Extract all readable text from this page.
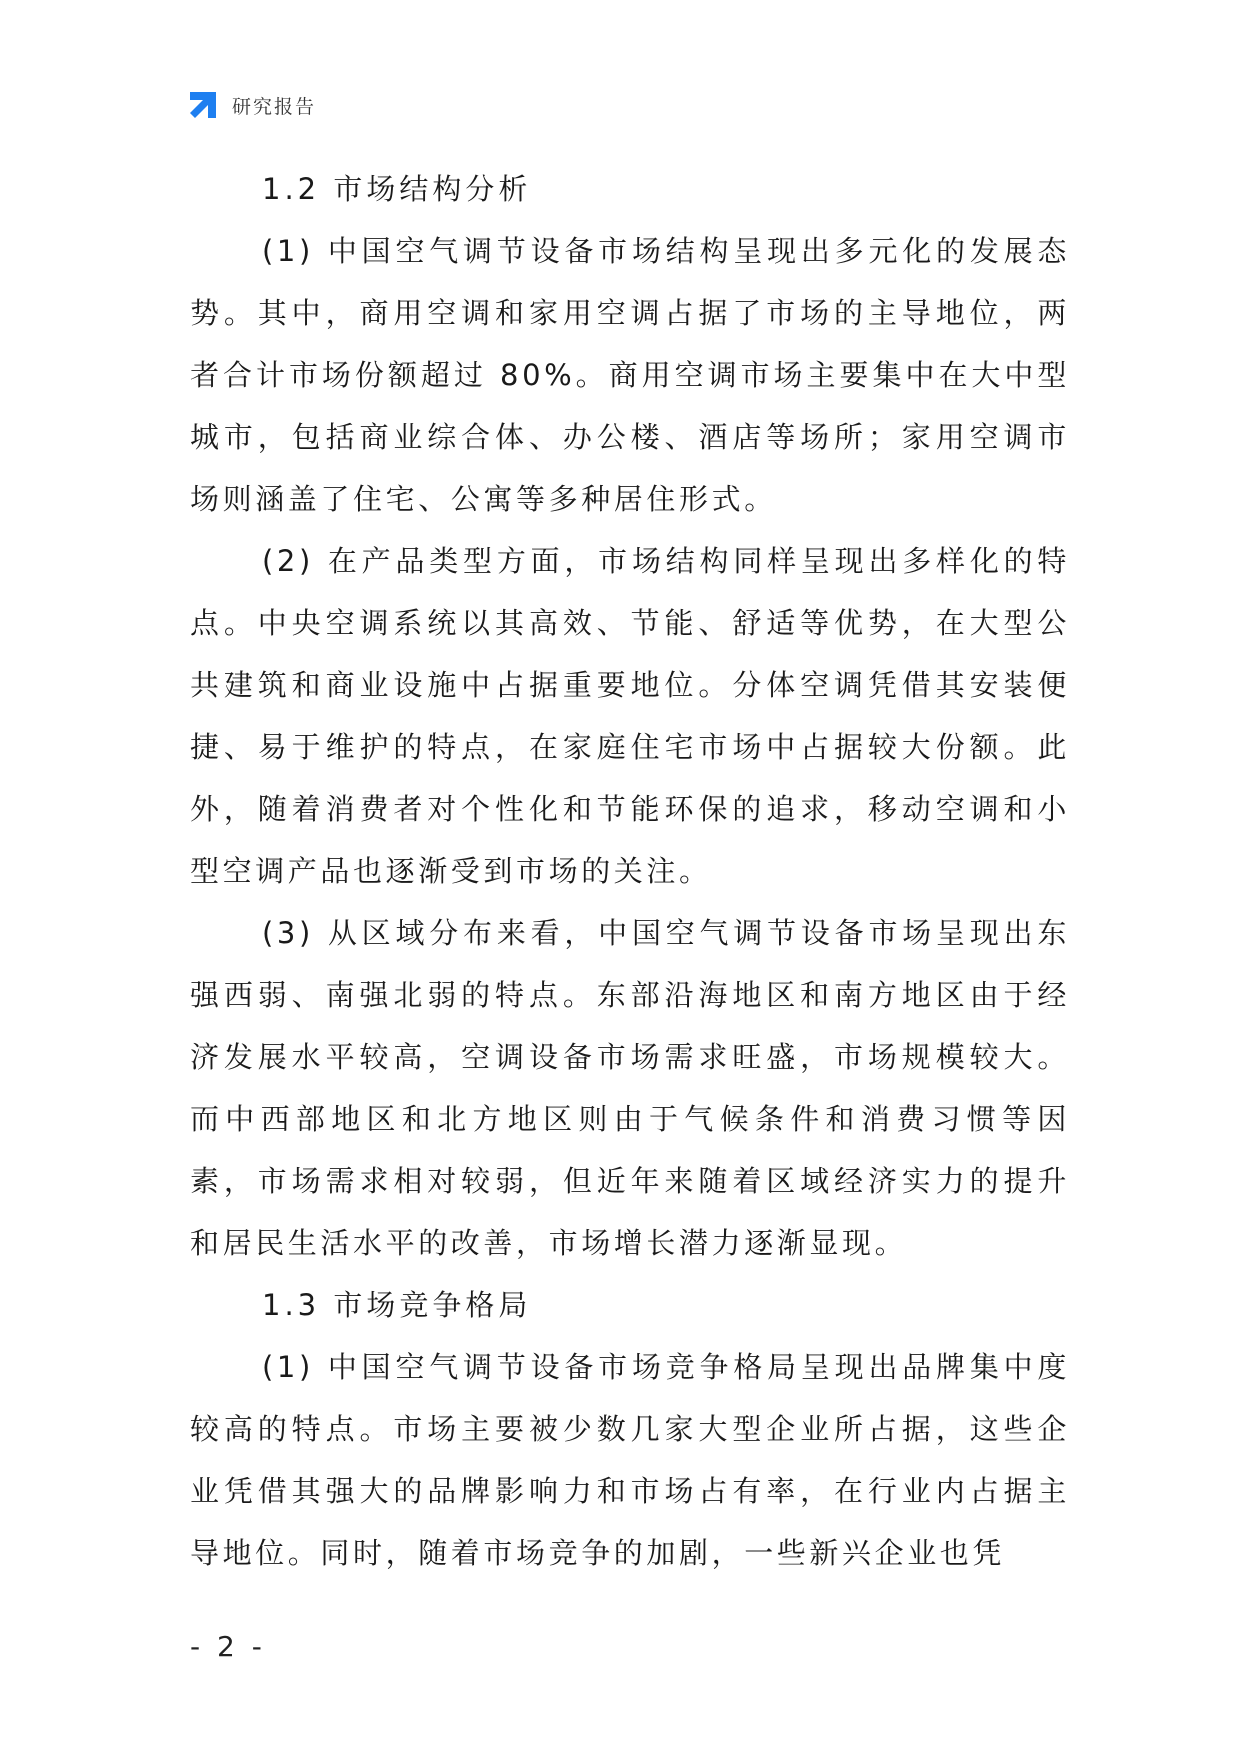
研究报告
1.2 市场结构分析

(1) 中国空气调节设备市场结构呈现出多元化的发展态势。其中，商用空调和家用空调占据了市场的主导地位，两者合计市场份额超过 80%。商用空调市场主要集中在大中型城市，包括商业综合体、办公楼、酒店等场所；家用空调市场则涵盖了住宅、公寓等多种居住形式。

(2) 在产品类型方面，市场结构同样呈现出多样化的特点。中央空调系统以其高效、节能、舒适等优势，在大型公共建筑和商业设施中占据重要地位。分体空调凭借其安装便捷、易于维护的特点，在家庭住宅市场中占据较大份额。此外，随着消费者对个性化和节能环保的追求，移动空调和小型空调产品也逐渐受到市场的关注。

(3) 从区域分布来看，中国空气调节设备市场呈现出东强西弱、南强北弱的特点。东部沿海地区和南方地区由于经济发展水平较高，空调设备市场需求旺盛，市场规模较大。而中西部地区和北方地区则由于气候条件和消费习惯等因素，市场需求相对较弱，但近年来随着区域经济实力的提升和居民生活水平的改善，市场增长潜力逐渐显现。

1.3 市场竞争格局

(1) 中国空气调节设备市场竞争格局呈现出品牌集中度较高的特点。市场主要被少数几家大型企业所占据，这些企业凭借其强大的品牌影响力和市场占有率，在行业内占据主导地位。同时，随着市场竞争的加剧，一些新兴企业也凭

- 2 -
